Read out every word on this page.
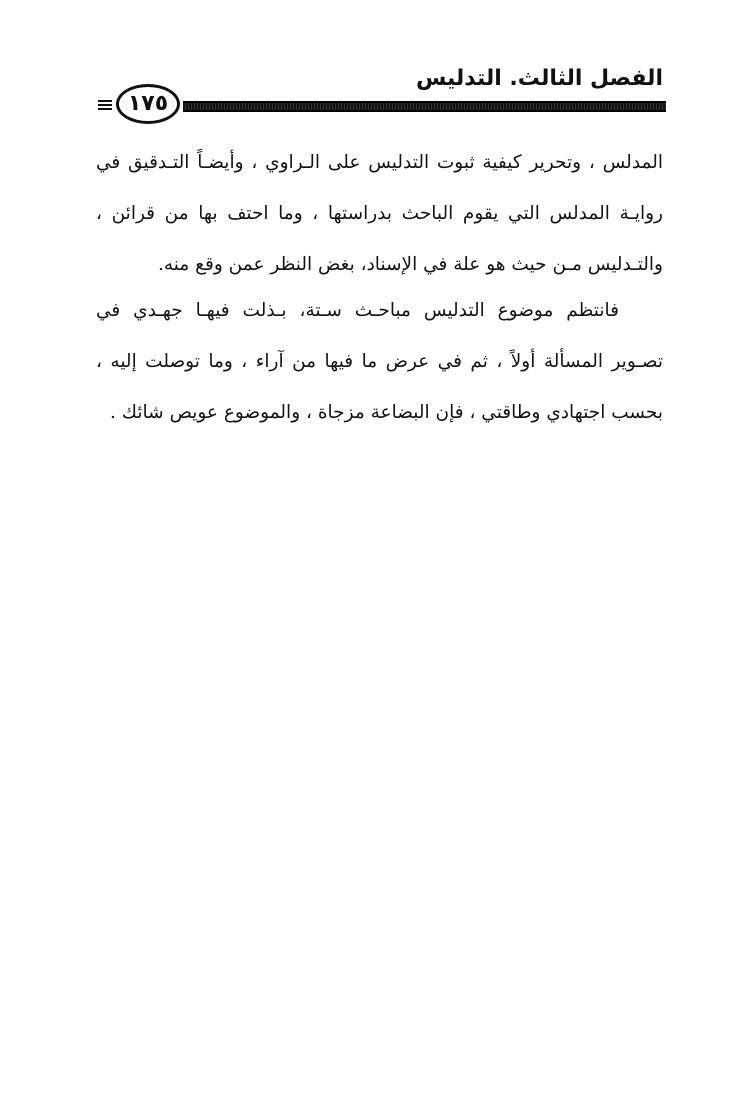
الفصل الثالث. التدليس
١٧٥

المدلس ، وتحرير كيفية ثبوت التدليس على الـراوي ، وأيضـاً التـدقيق في روايـة المدلس التي يقوم الباحث بدراستها ، وما احتف بها من قرائن ، والتـدليس مـن حيث هو علة في الإسناد، بغض النظر عمن وقع منه.

فانتظم موضوع التدليس مباحـث سـتة، بـذلت فيهـا جهـدي في تصـوير المسألة أولاً ، ثم في عرض ما فيها من آراء ، وما توصلت إليه ، بحسب اجتهادي وطاقتي ، فإن البضاعة مزجاة ، والموضوع عويص شائك .
